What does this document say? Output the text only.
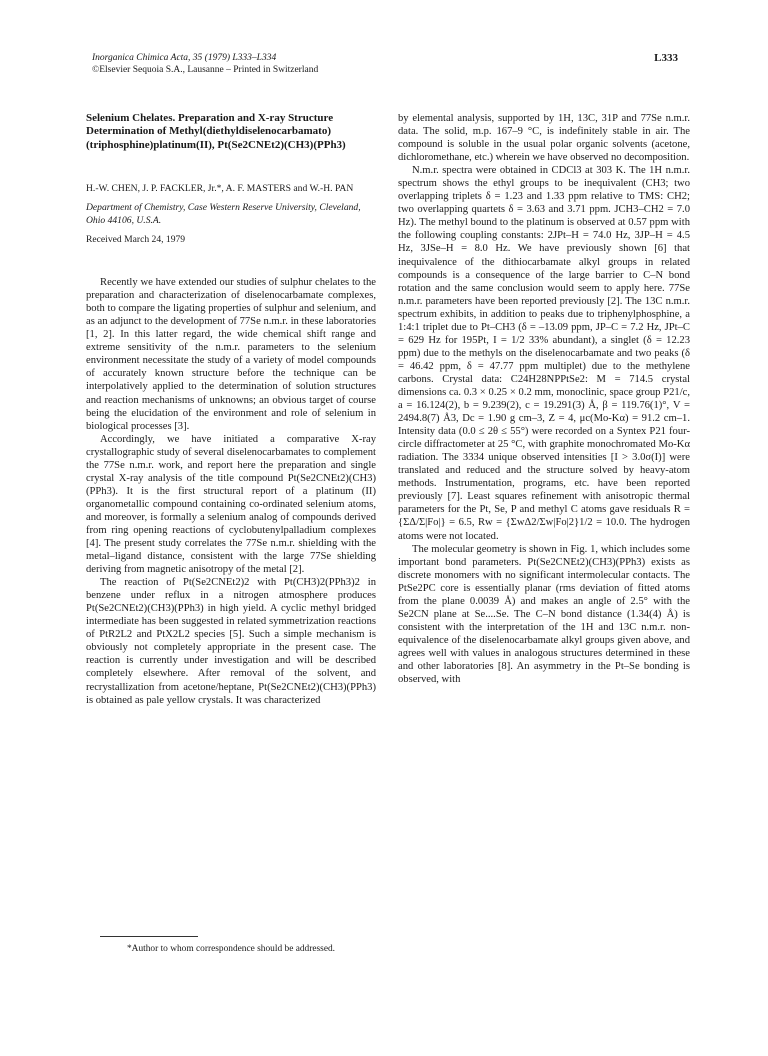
Inorganica Chimica Acta, 35 (1979) L333–L334
©Elsevier Sequoia S.A., Lausanne – Printed in Switzerland
L333
Selenium Chelates. Preparation and X-ray Structure Determination of Methyl(diethyldiselenocarbamato)(triphosphine)platinum(II), Pt(Se2CNEt2)(CH3)(PPh3)
H.-W. CHEN, J. P. FACKLER, Jr.*, A. F. MASTERS and W.-H. PAN
Department of Chemistry, Case Western Reserve University, Cleveland, Ohio 44106, U.S.A.
Received March 24, 1979

Recently we have extended our studies of sulphur chelates to the preparation and characterization of diselenocarbamate complexes, both to compare the ligating properties of sulphur and selenium, and as an adjunct to the development of 77Se n.m.r. in these laboratories [1, 2]. In this latter regard, the wide chemical shift range and extreme sensitivity of the n.m.r. parameters to the selenium environment necessitate the study of a variety of model compounds of accurately known structure before the technique can be interpolatively applied to the determination of solution structures and reaction mechanisms of unknowns; an obvious target of course being the elucidation of the environment and role of selenium in biological processes [3].

Accordingly, we have initiated a comparative X-ray crystallographic study of several diselenocarbamates to complement the 77Se n.m.r. work, and report here the preparation and single crystal X-ray analysis of the title compound Pt(Se2CNEt2)(CH3)(PPh3). It is the first structural report of a platinum (II) organometallic compound containing co-ordinated selenium atoms, and moreover, is formally a selenium analog of compounds derived from ring opening reactions of cyclobutenylpalladium complexes [4]. The present study correlates the 77Se n.m.r. shielding with the metal–ligand distance, consistent with the large 77Se shielding deriving from magnetic anisotropy of the metal [2].

The reaction of Pt(Se2CNEt2)2 with Pt(CH3)2(PPh3)2 in benzene under reflux in a nitrogen atmosphere produces Pt(Se2CNEt2)(CH3)(PPh3) in high yield. A cyclic methyl bridged intermediate has been suggested in related symmetrization reactions of PtR2L2 and PtX2L2 species [5]. Such a simple mechanism is obviously not completely appropriate in the present case. The reaction is currently under investigation and will be described completely elsewhere. After removal of the solvent, and recrystallization from acetone/heptane, Pt(Se2CNEt2)(CH3)(PPh3) is obtained as pale yellow crystals. It was characterized

*Author to whom correspondence should be addressed.

by elemental analysis, supported by 1H, 13C, 31P and 77Se n.m.r. data. The solid, m.p. 167–9 °C, is indefinitely stable in air. The compound is soluble in the usual polar organic solvents (acetone, dichloromethane, etc.) wherein we have observed no decomposition.

N.m.r. spectra were obtained in CDCl3 at 303 K. The 1H n.m.r. spectrum shows the ethyl groups to be inequivalent (CH3; two overlapping triplets δ = 1.23 and 1.33 ppm relative to TMS: CH2; two overlapping quartets δ = 3.63 and 3.71 ppm. JCH3–CH2 = 7.0 Hz). The methyl bound to the platinum is observed at 0.57 ppm with the following coupling constants: 2JPt–H = 74.0 Hz, 3JP–H = 4.5 Hz, 3JSe–H = 8.0 Hz. We have previously shown [6] that inequivalence of the dithiocarbamate alkyl groups in related compounds is a consequence of the large barrier to C–N bond rotation and the same conclusion would seem to apply here. 77Se n.m.r. parameters have been reported previously [2]. The 13C n.m.r. spectrum exhibits, in addition to peaks due to triphenylphosphine, a 1:4:1 triplet due to Pt–CH3 (δ = –13.09 ppm, JP–C = 7.2 Hz, JPt–C = 629 Hz for 195Pt, I = 1/2 33% abundant), a singlet (δ = 12.23 ppm) due to the methyls on the diselenocarbamate and two peaks (δ = 46.42 ppm, δ = 47.77 ppm multiplet) due to the methylene carbons. Crystal data: C24H28NPPtSe2: M = 714.5 crystal dimensions ca. 0.3 × 0.25 × 0.2 mm, monoclinic, space group P21/c, a = 16.124(2), b = 9.239(2), c = 19.291(3) Å, β = 119.76(1)°, V = 2494.8(7) Å3, Dc = 1.90 g cm–3, Z = 4, μc(Mo-Kα) = 91.2 cm–1. Intensity data (0.0 ≤ 2θ ≤ 55°) were recorded on a Syntex P21 four-circle diffractometer at 25 °C, with graphite monochromated Mo-Kα radiation. The 3334 unique observed intensities [I > 3.0σ(I)] were translated and reduced and the structure solved by heavy-atom methods. Instrumentation, programs, etc. have been reported previously [7]. Least squares refinement with anisotropic thermal parameters for the Pt, Se, P and methyl C atoms gave residuals R = {ΣΔ/Σ|Fo|} = 6.5, Rw = {ΣwΔ2/Σw|Fo|2}1/2 = 10.0. The hydrogen atoms were not located.

The molecular geometry is shown in Fig. 1, which includes some important bond parameters. Pt(Se2CNEt2)(CH3)(PPh3) exists as discrete monomers with no significant intermolecular contacts. The PtSe2PC core is essentially planar (rms deviation of fitted atoms from the plane 0.0039 Å) and makes an angle of 2.5° with the Se2CN plane at Se....Se. The C–N bond distance (1.34(4) Å) is consistent with the interpretation of the 1H and 13C n.m.r. non-equivalence of the diselenocarbamate alkyl groups given above, and agrees well with values in analogous structures determined in these and other laboratories [8]. An asymmetry in the Pt–Se bonding is observed, with
